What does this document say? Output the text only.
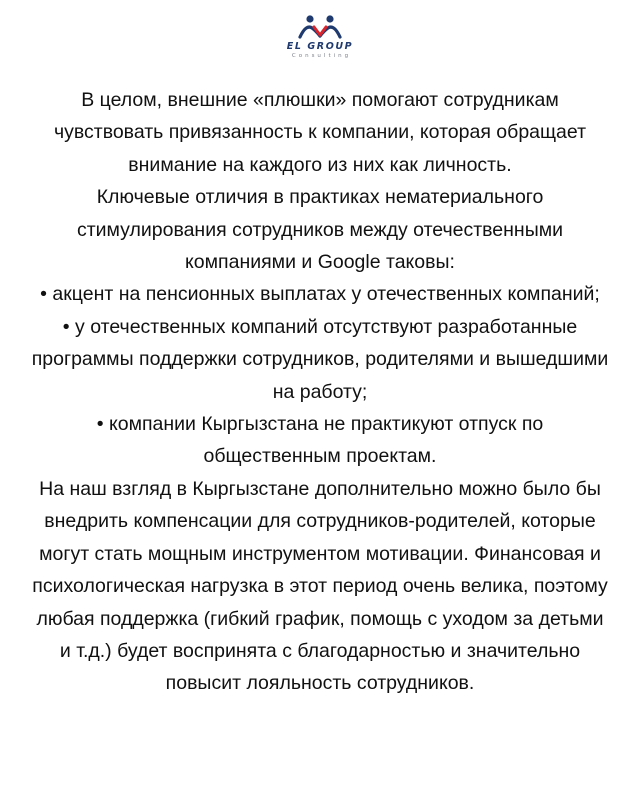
EL GROUP
Consulting

В целом, внешние «плюшки» помогают сотрудникам чувствовать привязанность к компании, которая обращает внимание на каждого из них как личность.

Ключевые отличия в практиках нематериального стимулирования сотрудников между отечественными компаниями и Google таковы:

• акцент на пенсионных выплатах у отечественных компаний;

• у отечественных компаний отсутствуют разработанные программы поддержки сотрудников, родителями и вышедшими на работу;

• компании Кыргызстана не практикуют отпуск по общественным проектам.

На наш взгляд в Кыргызстане дополнительно можно было бы внедрить компенсации для сотрудников-родителей, которые могут стать мощным инструментом мотивации. Финансовая и психологическая нагрузка в этот период очень велика, поэтому любая поддержка (гибкий график, помощь с уходом за детьми и т.д.) будет воспринята с благодарностью и значительно повысит лояльность сотрудников.
